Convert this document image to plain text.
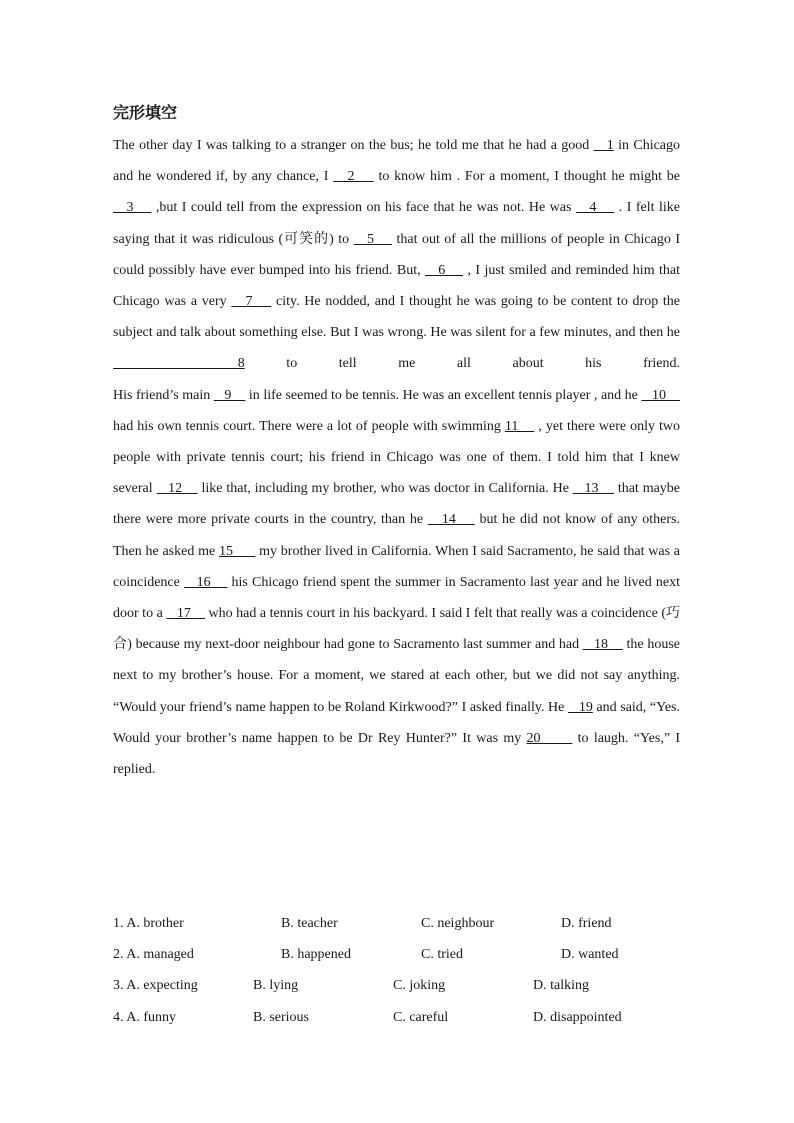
完形填空

The other day I was talking to a stranger on the bus; he told me that he had a good    1 in Chicago and he wondered if, by any chance, I    2     to know him . For a moment, I thought he might be    3     ,but I could tell from the expression on his face that he was not. He was    4     . I felt like saying that it was ridiculous (可笑的) to    5     that out of all the millions of people in Chicago I could possibly have ever bumped into his friend. But,    6     , I just smiled and reminded him that Chicago was a very    7     city. He nodded, and I thought he was going to be content to drop the subject and talk about something else. But I was wrong. He was silent for a few minutes, and then he    8 to tell me all about his friend.

His friend’s main    9     in life seemed to be tennis. He was an excellent tennis player , and he    10     had his own tennis court. There were a lot of people with swimming 11     , yet there were only two people with private tennis court; his friend in Chicago was one of them. I told him that I knew several    12     like that, including my brother, who was doctor in California. He    13     that maybe there were more private courts in the country, than he    14     but he did not know of any others. Then he asked me 15       my brother lived in California. When I said Sacramento, he said that was a coincidence    16     his Chicago friend spent the summer in Sacramento last year and he lived next door to a    17     who had a tennis court in his backyard. I said I felt that really was a coincidence (巧合) because my next-door neighbour had gone to Sacramento last summer and had    18     the house next to my brother’s house. For a moment, we stared at each other, but we did not say anything.

“Would your friend’s name happen to be Roland Kirkwood?” I asked finally. He    19 and said, “Yes. Would your brother’s name happen to be Dr Rey Hunter?” It was my 20       to laugh. “Yes,” I replied.

1. A. brother	B. teacher	C. neighbour	D. friend
2. A. managed	B. happened	C. tried	D. wanted
3. A. expecting	B. lying	C. joking	D. talking
4. A. funny	B. serious	C. careful	D. disappointed
